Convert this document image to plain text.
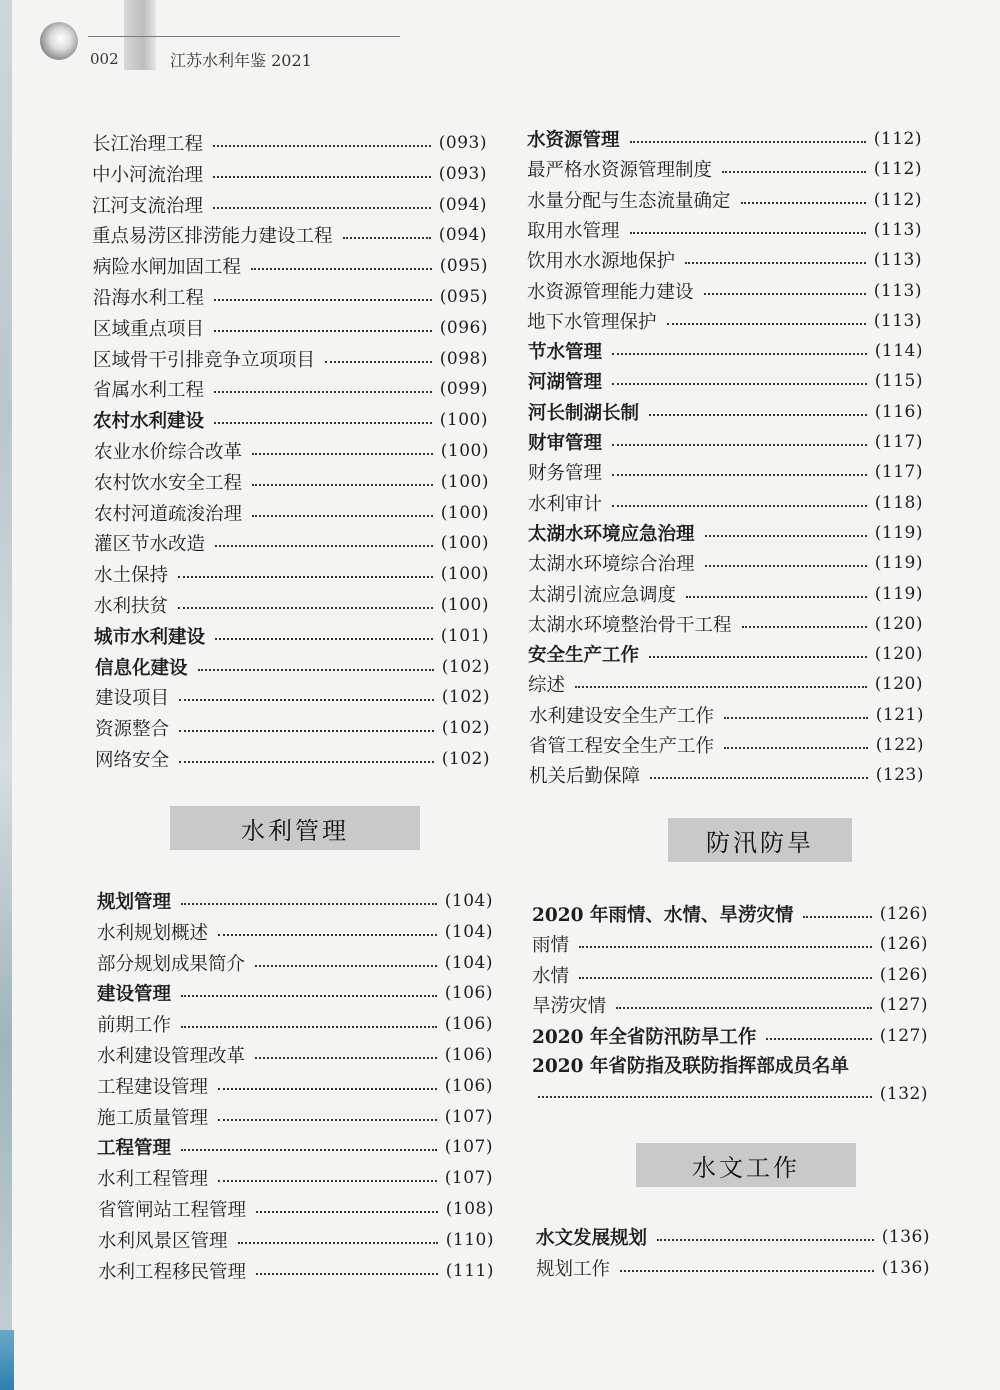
002	江苏水利年鉴 2021
长江治理工程	(093)
中小河流治理	(093)
江河支流治理	(094)
重点易涝区排涝能力建设工程	(094)
病险水闸加固工程	(095)
沿海水利工程	(095)
区域重点项目	(096)
区域骨干引排竞争立项项目	(098)
省属水利工程	(099)
农村水利建设	(100)
农业水价综合改革	(100)
农村饮水安全工程	(100)
农村河道疏浚治理	(100)
灌区节水改造	(100)
水土保持	(100)
水利扶贫	(100)
城市水利建设	(101)
信息化建设	(102)
建设项目	(102)
资源整合	(102)
网络安全	(102)
水利管理
规划管理	(104)
水利规划概述	(104)
部分规划成果简介	(104)
建设管理	(106)
前期工作	(106)
水利建设管理改革	(106)
工程建设管理	(106)
施工质量管理	(107)
工程管理	(107)
水利工程管理	(107)
省管闸站工程管理	(108)
水利风景区管理	(110)
水利工程移民管理	(111)
水资源管理	(112)
最严格水资源管理制度	(112)
水量分配与生态流量确定	(112)
取用水管理	(113)
饮用水水源地保护	(113)
水资源管理能力建设	(113)
地下水管理保护	(113)
节水管理	(114)
河湖管理	(115)
河长制湖长制	(116)
财审管理	(117)
财务管理	(117)
水利审计	(118)
太湖水环境应急治理	(119)
太湖水环境综合治理	(119)
太湖引流应急调度	(119)
太湖水环境整治骨干工程	(120)
安全生产工作	(120)
综述	(120)
水利建设安全生产工作	(121)
省管工程安全生产工作	(122)
机关后勤保障	(123)
防汛防旱
2020 年雨情、水情、旱涝灾情	(126)
雨情	(126)
水情	(126)
旱涝灾情	(127)
2020 年全省防汛防旱工作	(127)
2020 年省防指及联防指挥部成员名单
(132)
水文工作
水文发展规划	(136)
规划工作	(136)
